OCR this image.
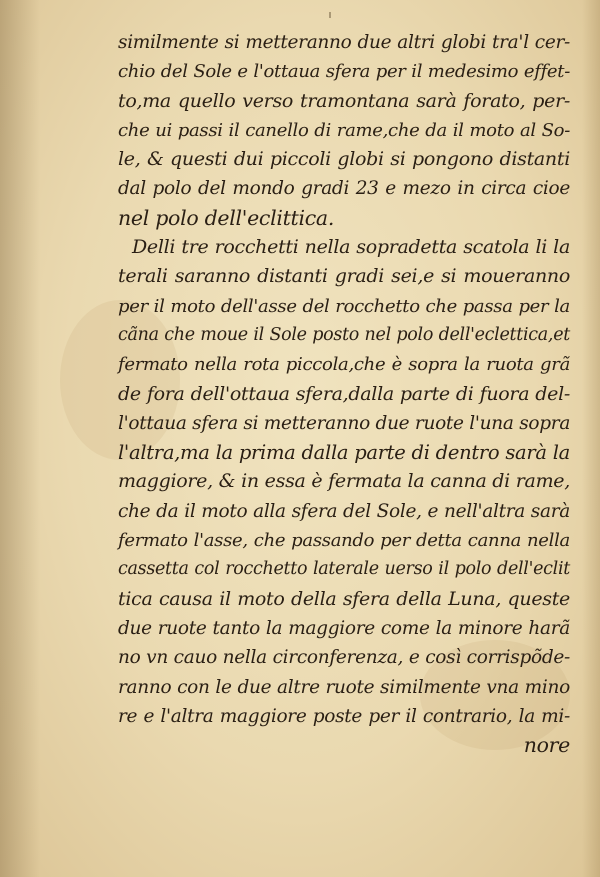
similmente si metteranno due altri globi tra'l cer-
chio del Sole e l'ottaua sfera per il medesimo effet-
to,ma quello verso tramontana sarà forato, per-
che ui passi il canello di rame,che da il moto al So-
le, & questi dui piccoli globi si pongono distanti
dal polo del mondo gradi 23 e mezo in circa cioe
nel polo dell'eclittica.
Delli tre rocchetti nella sopradetta scatola li la
terali saranno distanti gradi sei,e si moueranno
per il moto dell'asse del rocchetto che passa per la
cãna che moue il Sole posto nel polo dell'eclettica,et
fermato nella rota piccola,che è sopra la ruota grã
de fora dell'ottaua sfera,dalla parte di fuora del-
l'ottaua sfera si metteranno due ruote l'una sopra
l'altra,ma la prima dalla parte di dentro sarà la
maggiore, & in essa è fermata la canna di rame,
che da il moto alla sfera del Sole, e nell'altra sarà
fermato l'asse, che passando per detta canna nella
cassetta col rocchetto laterale uerso il polo dell'eclit
tica causa il moto della sfera della Luna, queste
due ruote tanto la maggiore come la minore harã
no vn cauo nella circonferenza, e così corrispõde-
ranno con le due altre ruote similmente vna mino
re e l'altra maggiore poste per il contrario, la mi-
nore
